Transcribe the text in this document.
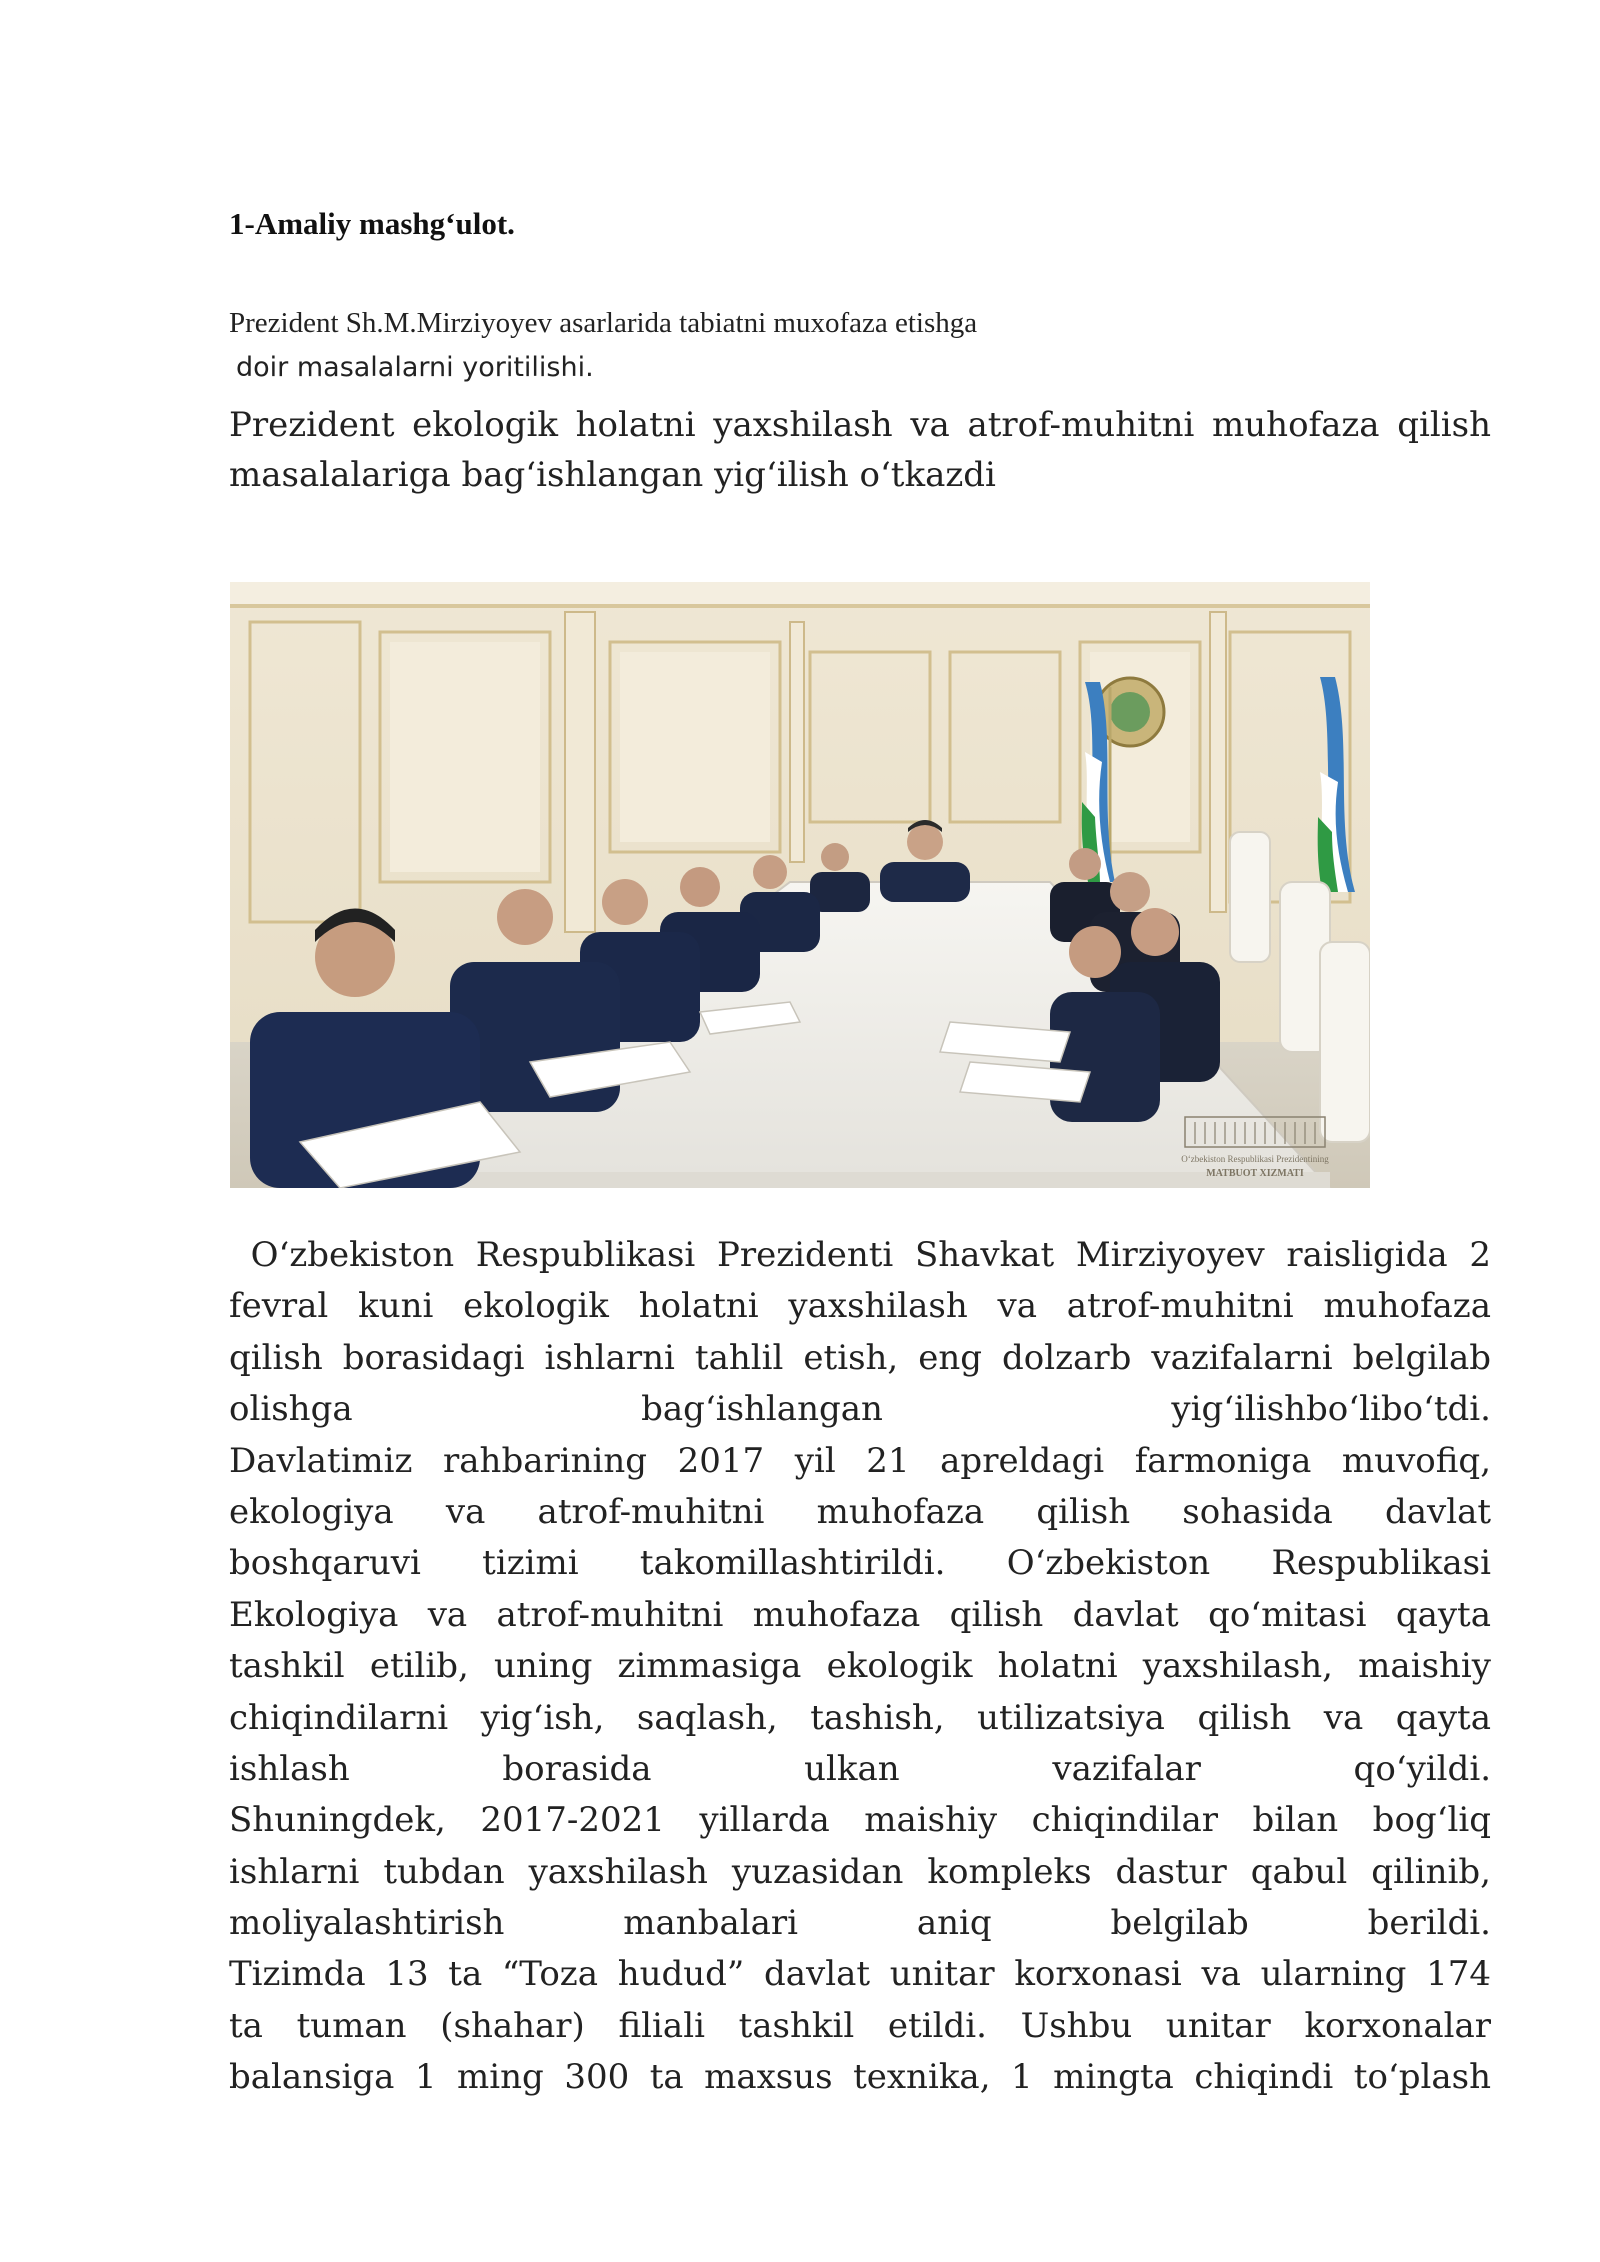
1-Amaliy mashg‘ulot.
Prezident Sh.M.Mirziyoyev asarlarida tabiatni muxofaza etishga
doir masalalarni yoritilishi.
Prezident ekologik holatni yaxshilash va atrof-muhitni muhofaza qilish masalalariga bag‘ishlangan yig‘ilish o‘tkazdi
O‘zbekiston Respublikasi Prezidentining
MATBUOT XIZMATI
O‘zbekiston Respublikasi Prezidenti Shavkat Mirziyoyev raisligida 2
fevral kuni ekologik holatni yaxshilash va atrof-muhitni muhofaza
qilish borasidagi ishlarni tahlil etish, eng dolzarb vazifalarni belgilab
olishga bag‘ishlangan yig‘ilishbo‘libo‘tdi.
Davlatimiz rahbarining 2017 yil 21 apreldagi farmoniga muvofiq,
ekologiya va atrof-muhitni muhofaza qilish sohasida davlat
boshqaruvi tizimi takomillashtirildi. O‘zbekiston Respublikasi
Ekologiya va atrof-muhitni muhofaza qilish davlat qo‘mitasi qayta
tashkil etilib, uning zimmasiga ekologik holatni yaxshilash, maishiy
chiqindilarni yig‘ish, saqlash, tashish, utilizatsiya qilish va qayta
ishlash borasida ulkan vazifalar qo‘yildi.
Shuningdek, 2017-2021 yillarda maishiy chiqindilar bilan bog‘liq
ishlarni tubdan yaxshilash yuzasidan kompleks dastur qabul qilinib,
moliyalashtirish manbalari aniq belgilab berildi.
Tizimda 13 ta “Toza hudud” davlat unitar korxonasi va ularning 174
ta tuman (shahar) filiali tashkil etildi. Ushbu unitar korxonalar
balansiga 1 ming 300 ta maxsus texnika, 1 mingta chiqindi to‘plash
